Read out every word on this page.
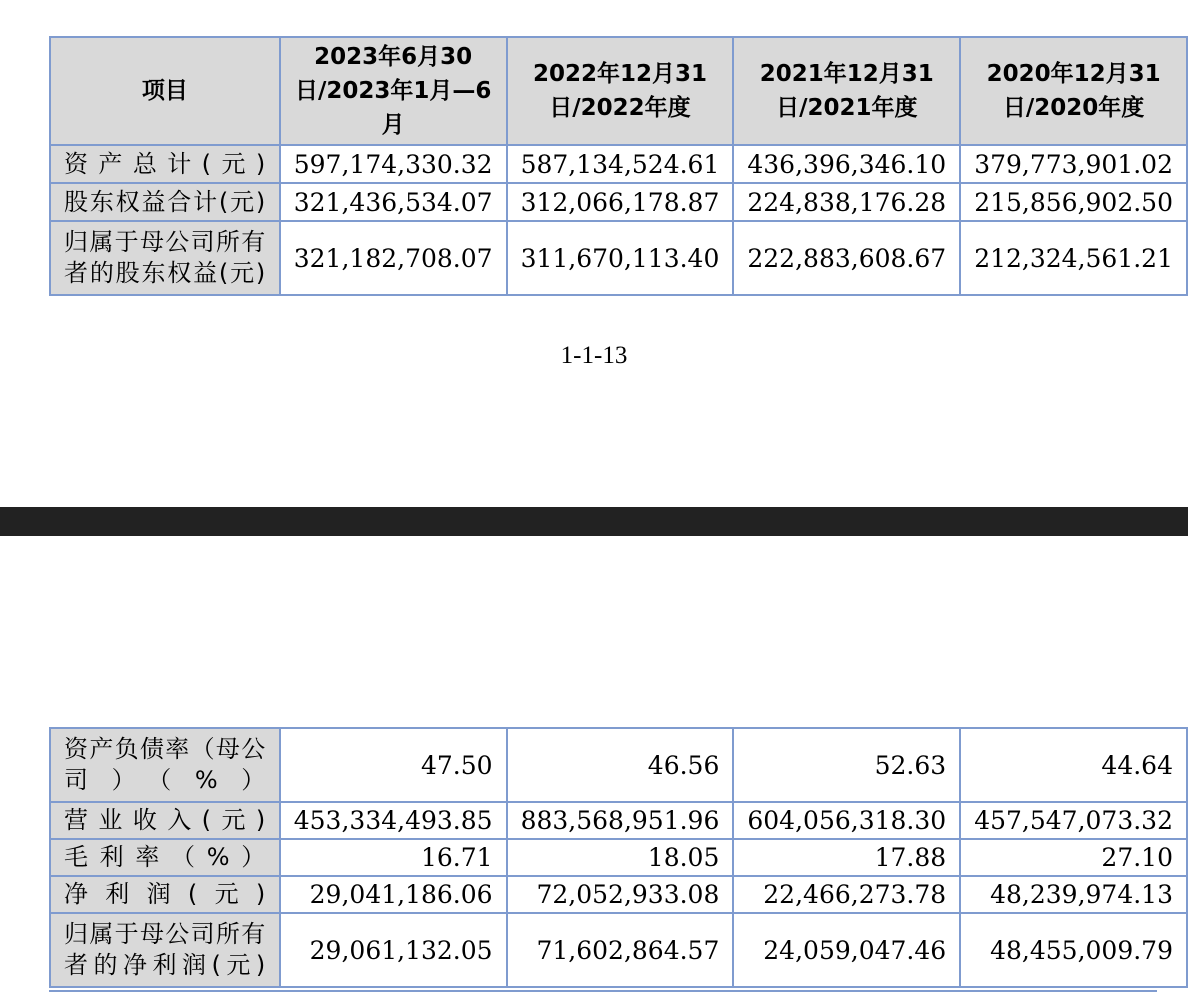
项目	2023年6月30日/2023年1月—6月	2022年12月31日/2022年度	2021年12月31日/2021年度	2020年12月31日/2020年度
资产总计(元)	597,174,330.32	587,134,524.61	436,396,346.10	379,773,901.02
股东权益合计(元)	321,436,534.07	312,066,178.87	224,838,176.28	215,856,902.50
归属于母公司所有者的股东权益(元)	321,182,708.07	311,670,113.40	222,883,608.67	212,324,561.21
1-1-13
资产负债率（母公司）（%）	47.50	46.56	52.63	44.64
营业收入(元)	453,334,493.85	883,568,951.96	604,056,318.30	457,547,073.32
毛利率（%）	16.71	18.05	17.88	27.10
净利润(元)	29,041,186.06	72,052,933.08	22,466,273.78	48,239,974.13
归属于母公司所有者的净利润(元)	29,061,132.05	71,602,864.57	24,059,047.46	48,455,009.79
